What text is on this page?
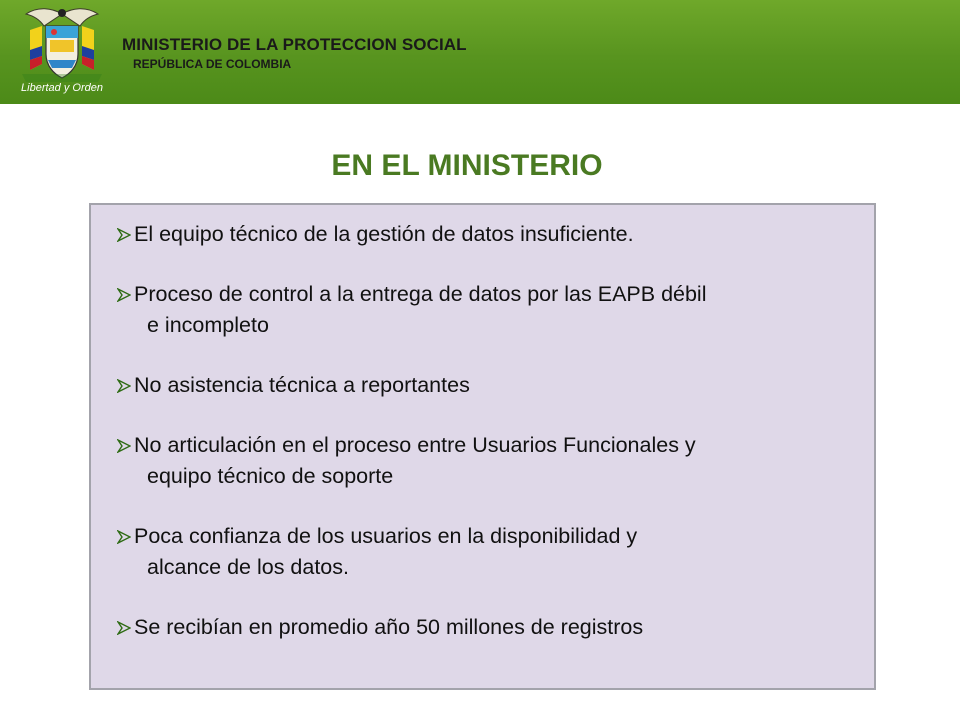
Libertad y Orden
MINISTERIO DE LA PROTECCION SOCIAL
REPÚBLICA DE COLOMBIA
EN EL MINISTERIO
El equipo técnico de la gestión de datos insuficiente.
Proceso de control a la entrega de datos por las EAPB débil
e incompleto
No asistencia técnica a reportantes
No articulación en el proceso entre Usuarios Funcionales y
equipo técnico de soporte
Poca confianza de los usuarios en la disponibilidad y
alcance de los datos.
Se recibían en promedio año 50 millones de registros
